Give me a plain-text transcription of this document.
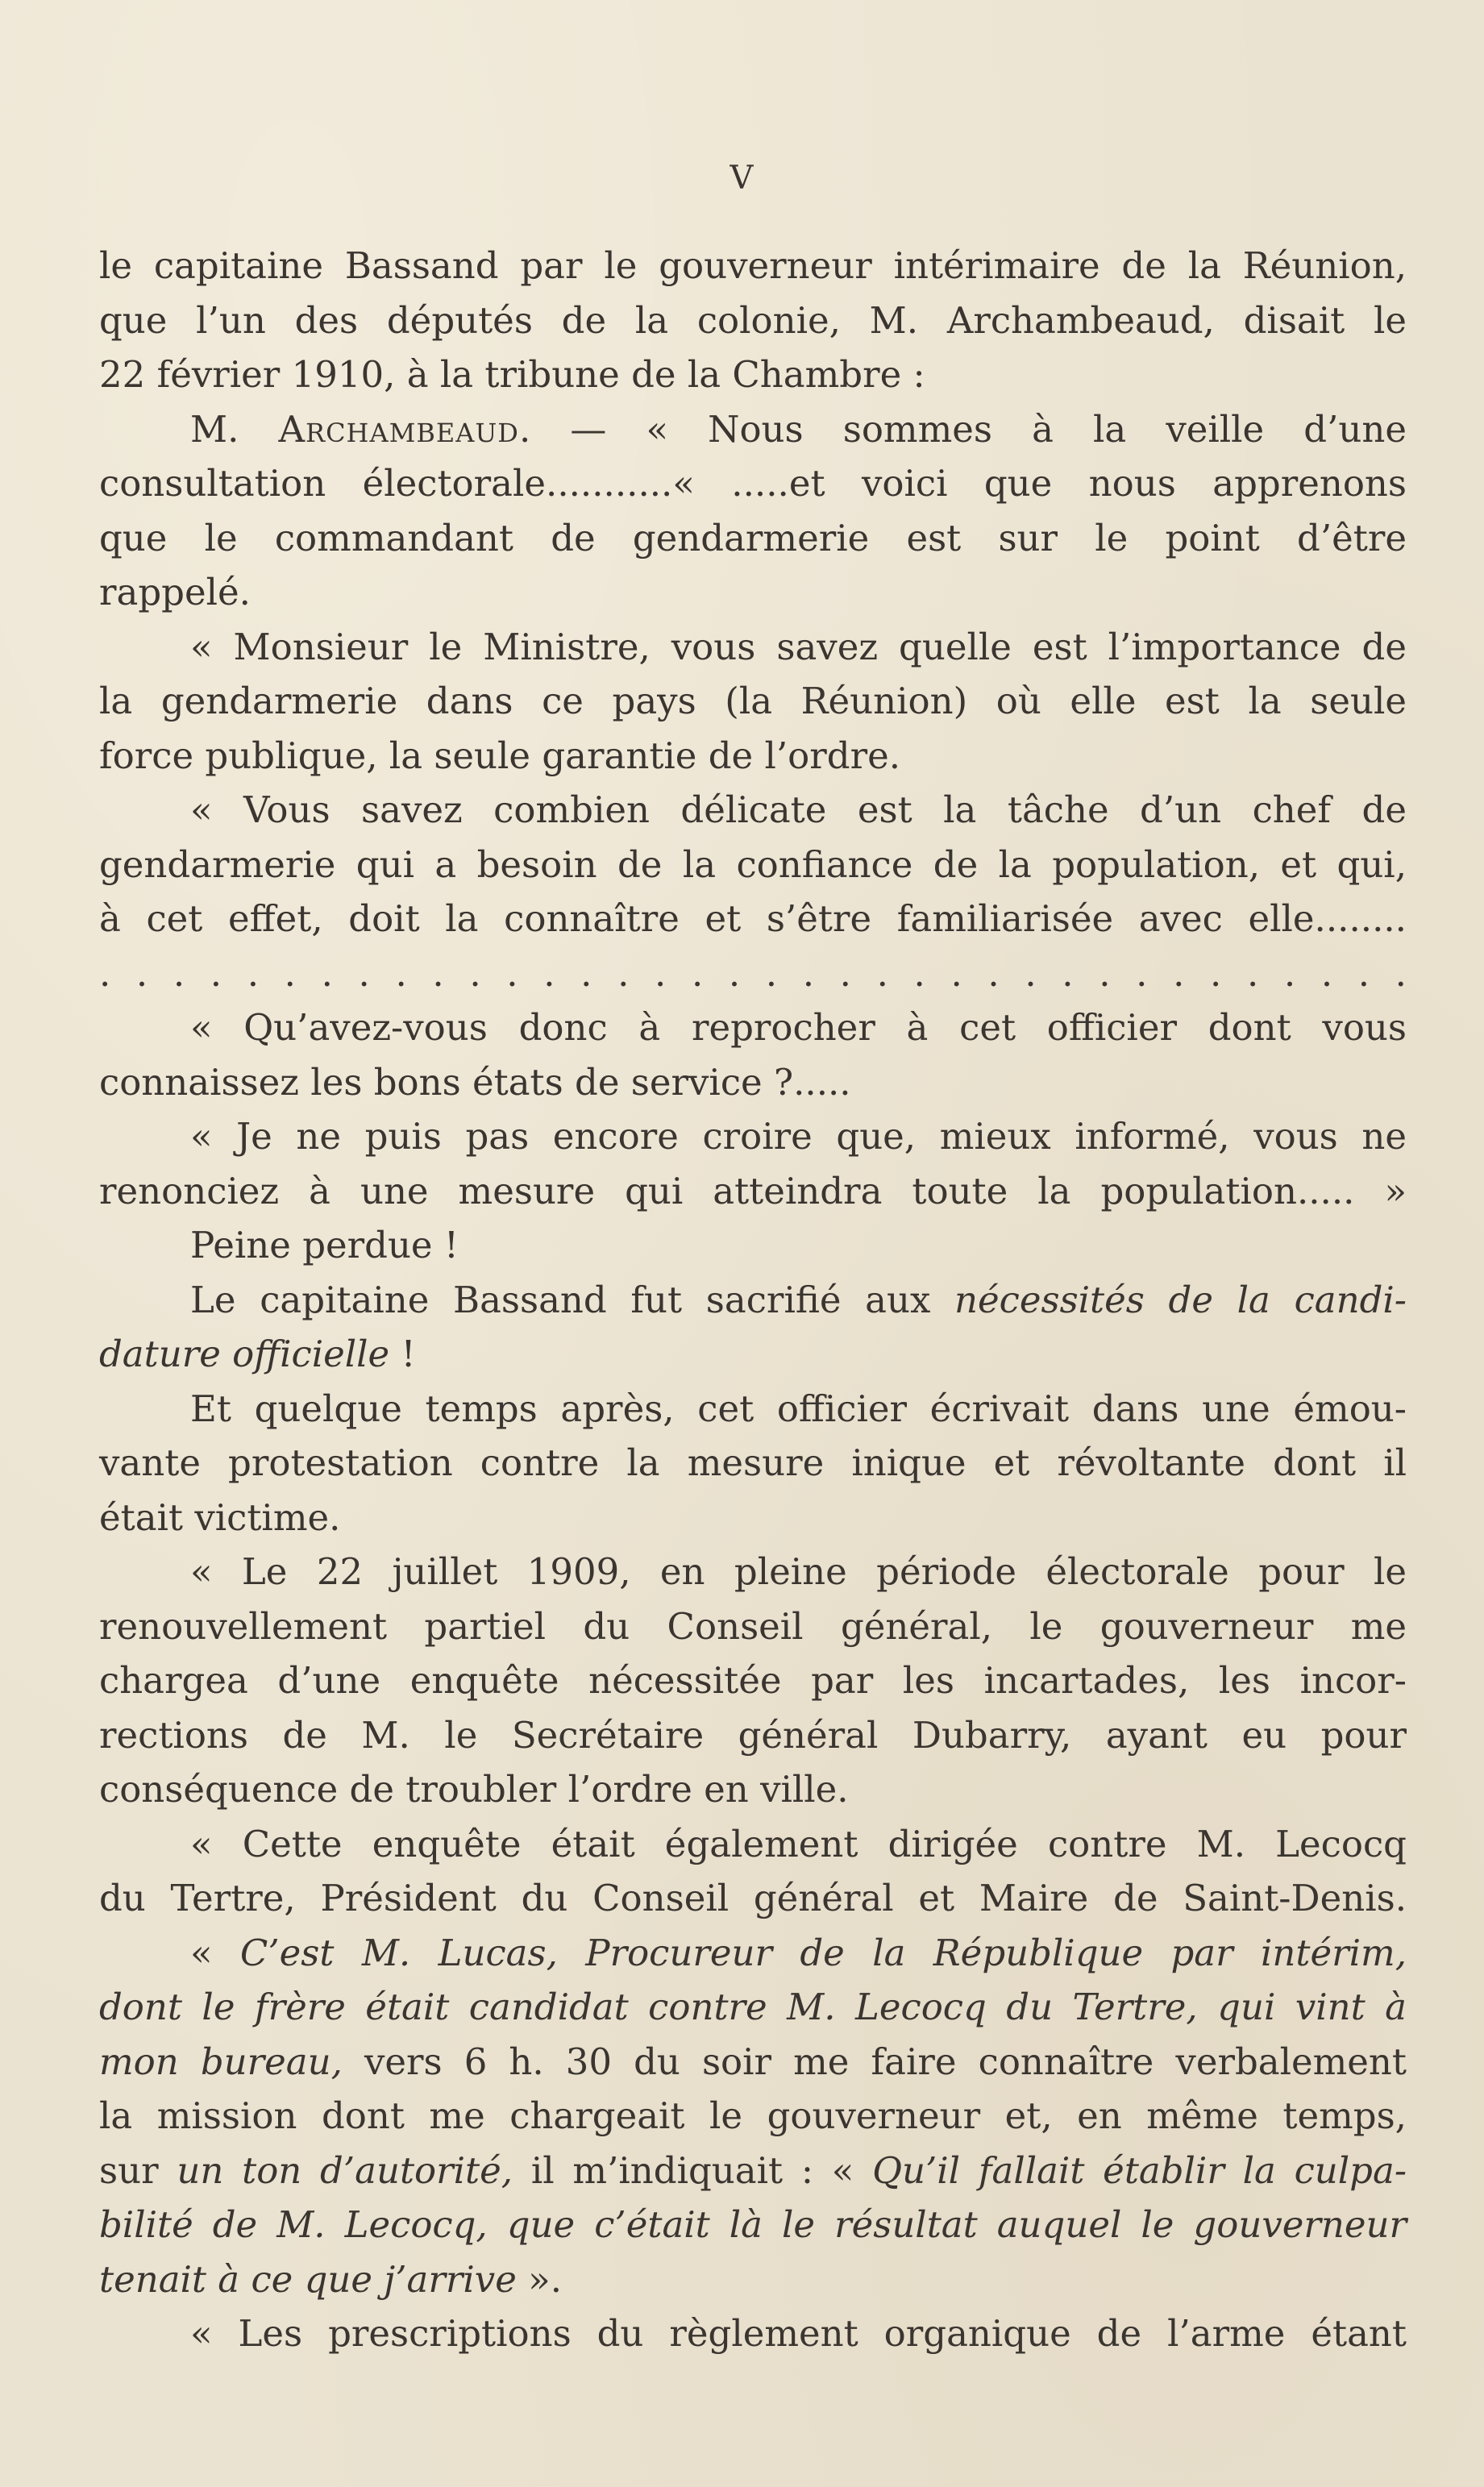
V
le capitaine Bassand par le gouverneur intérimaire de la Réunion,
que l’un des députés de la colonie, M. Archambeaud, disait le
22 février 1910, à la tribune de la Chambre :
M. Archambeaud. — « Nous sommes à la veille d’une
consultation électorale...........« .....et voici que nous apprenons
que le commandant de gendarmerie est sur le point d’être
rappelé.
« Monsieur le Ministre, vous savez quelle est l’importance de
la gendarmerie dans ce pays (la Réunion) où elle est la seule
force publique, la seule garantie de l’ordre.
« Vous savez combien délicate est la tâche d’un chef de
gendarmerie qui a besoin de la confiance de la population, et qui,
à cet effet, doit la connaître et s’être familiarisée avec elle........
. . . . . . . . . . . . . . . . . . . . . . . . . . . . . . . . . . . .
« Qu’avez-vous donc à reprocher à cet officier dont vous
connaissez les bons états de service ?.....
« Je ne puis pas encore croire que, mieux informé, vous ne
renonciez à une mesure qui atteindra toute la population..... »
Peine perdue !
Le capitaine Bassand fut sacrifié aux nécessités de la candi-
dature officielle !
Et quelque temps après, cet officier écrivait dans une émou-
vante protestation contre la mesure inique et révoltante dont il
était victime.
« Le 22 juillet 1909, en pleine période électorale pour le
renouvellement partiel du Conseil général, le gouverneur me
chargea d’une enquête nécessitée par les incartades, les incor-
rections de M. le Secrétaire général Dubarry, ayant eu pour
conséquence de troubler l’ordre en ville.
« Cette enquête était également dirigée contre M. Lecocq
du Tertre, Président du Conseil général et Maire de Saint-Denis.
« C’est M. Lucas, Procureur de la République par intérim,
dont le frère était candidat contre M. Lecocq du Tertre, qui vint à
mon bureau, vers 6 h. 30 du soir me faire connaître verbalement
la mission dont me chargeait le gouverneur et, en même temps,
sur un ton d’autorité, il m’indiquait : « Qu’il fallait établir la culpa-
bilité de M. Lecocq, que c’était là le résultat auquel le gouverneur
tenait à ce que j’arrive ».
« Les prescriptions du règlement organique de l’arme étant
